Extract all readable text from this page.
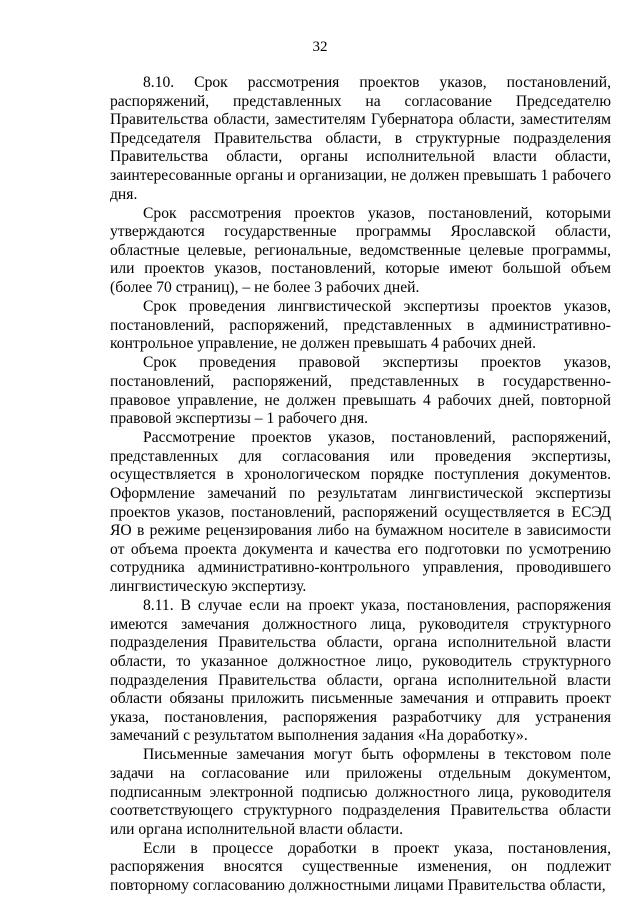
32

8.10. Срок рассмотрения проектов указов, постановлений, распоряжений, представленных на согласование Председателю Правительства области, заместителям Губернатора области, заместителям Председателя Правительства области, в структурные подразделения Правительства области, органы исполнительной власти области, заинтересованные органы и организации, не должен превышать 1 рабочего дня.

Срок рассмотрения проектов указов, постановлений, которыми утверждаются государственные программы Ярославской области, областные целевые, региональные, ведомственные целевые программы, или проектов указов, постановлений, которые имеют большой объем (более 70 страниц), – не более 3 рабочих дней.

Срок проведения лингвистической экспертизы проектов указов, постановлений, распоряжений, представленных в административно-контрольное управление, не должен превышать 4 рабочих дней.

Срок проведения правовой экспертизы проектов указов, постановлений, распоряжений, представленных в государственно-правовое управление, не должен превышать 4 рабочих дней, повторной правовой экспертизы – 1 рабочего дня.

Рассмотрение проектов указов, постановлений, распоряжений, представленных для согласования или проведения экспертизы, осуществляется в хронологическом порядке поступления документов. Оформление замечаний по результатам лингвистической экспертизы проектов указов, постановлений, распоряжений осуществляется в ЕСЭД ЯО в режиме рецензирования либо на бумажном носителе в зависимости от объема проекта документа и качества его подготовки по усмотрению сотрудника административно-контрольного управления, проводившего лингвистическую экспертизу.

8.11. В случае если на проект указа, постановления, распоряжения имеются замечания должностного лица, руководителя структурного подразделения Правительства области, органа исполнительной власти области, то указанное должностное лицо, руководитель структурного подразделения Правительства области, органа исполнительной власти области обязаны приложить письменные замечания и отправить проект указа, постановления, распоряжения разработчику для устранения замечаний с результатом выполнения задания «На доработку».

Письменные замечания могут быть оформлены в текстовом поле задачи на согласование или приложены отдельным документом, подписанным электронной подписью должностного лица, руководителя соответствующего структурного подразделения Правительства области или органа исполнительной власти области.

Если в процессе доработки в проект указа, постановления, распоряжения вносятся существенные изменения, он подлежит повторному согласованию должностными лицами Правительства области,
